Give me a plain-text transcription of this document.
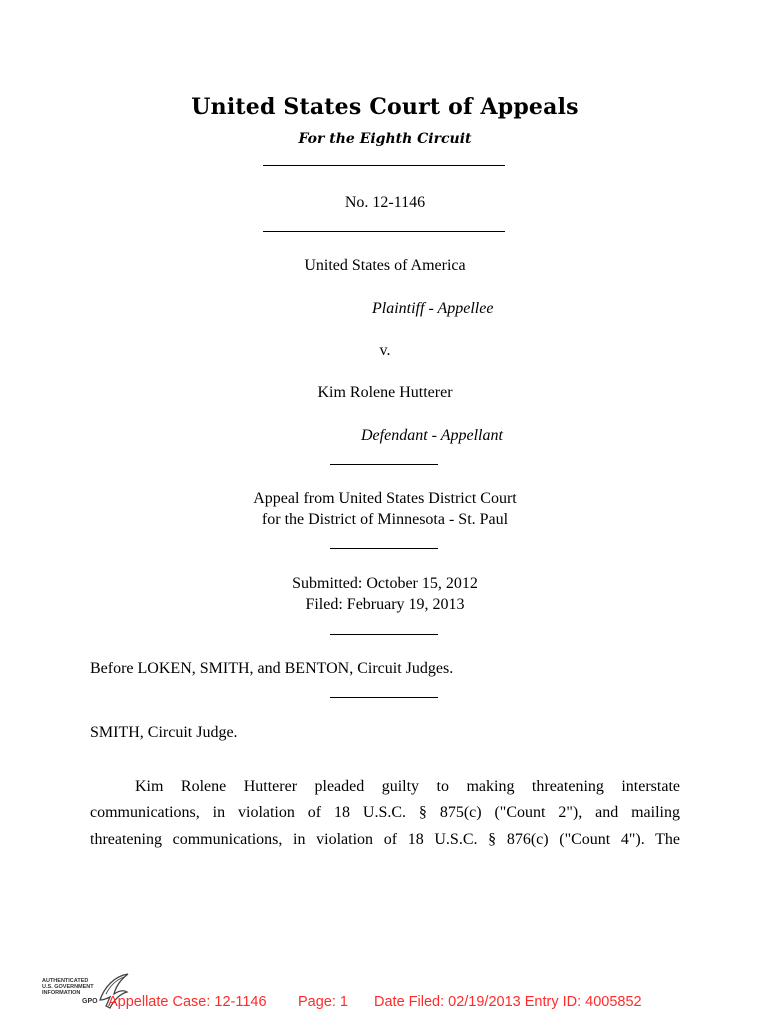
United States Court of Appeals
For the Eighth Circuit
No. 12-1146
United States of America
Plaintiff - Appellee
v.
Kim Rolene Hutterer
Defendant - Appellant
Appeal from United States District Court
for the District of Minnesota - St. Paul
Submitted: October 15, 2012
Filed: February 19, 2013
Before LOKEN, SMITH, and BENTON, Circuit Judges.
SMITH, Circuit Judge.
Kim Rolene Hutterer pleaded guilty to making threatening interstate
communications, in violation of 18 U.S.C. § 875(c) ("Count 2"), and mailing
threatening communications, in violation of 18 U.S.C. § 876(c) ("Count 4"). The
AUTHENTICATED
U.S. GOVERNMENT
INFORMATION
GPO Appellate Case: 12-1146 Page: 1 Date Filed: 02/19/2013 Entry ID: 4005852
